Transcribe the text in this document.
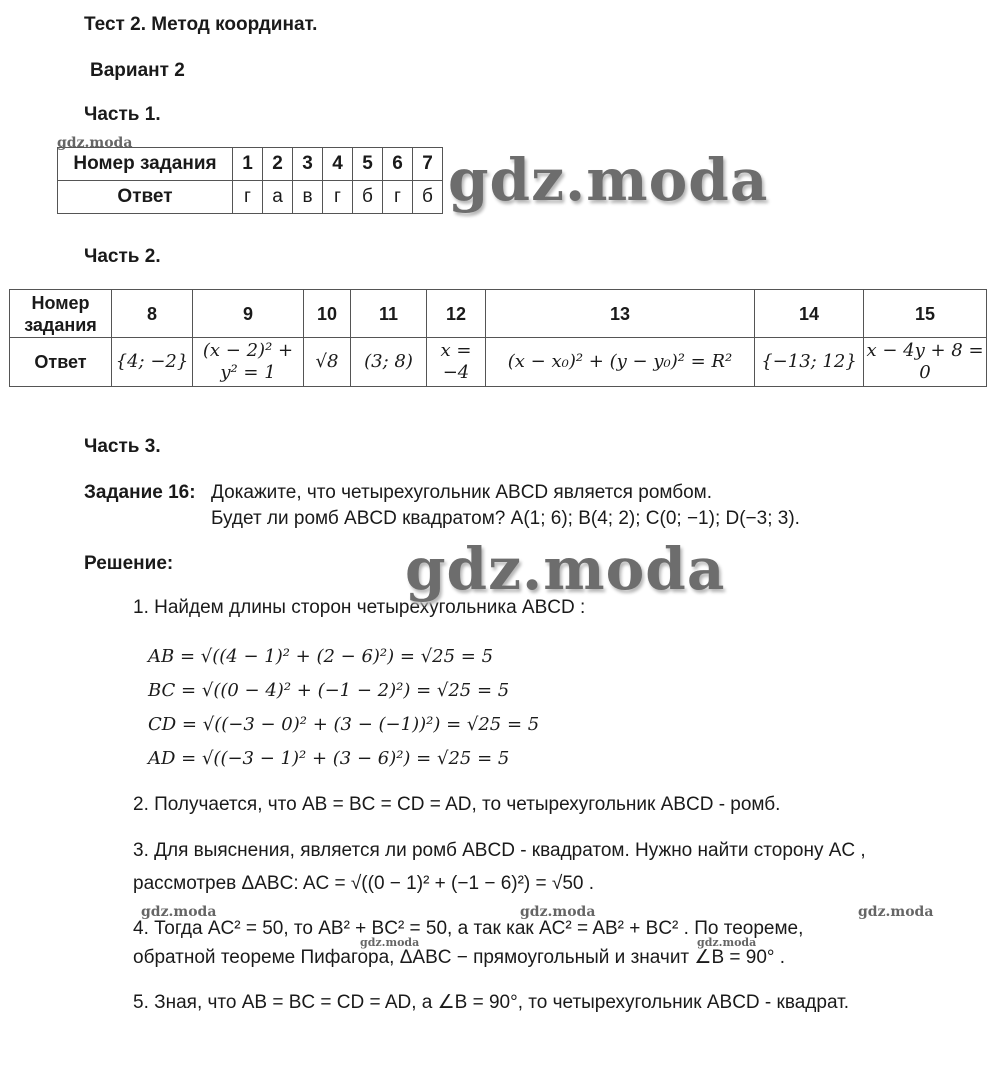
Тест 2. Метод координат.
Вариант 2
Часть 1.
Номер задания	1	2	3	4	5	6	7
Ответ	г	а	в	г	б	г	б
Часть 2.
Номер задания	8	9	10	11	12	13	14	15
Ответ	{4; −2}	(x − 2)² + y² = 1	√8	(3; 8)	x = −4	(x − x₀)² + (y − y₀)² = R²	{−13; 12}	x − 4y + 8 = 0
Часть 3.
Задание 16: Докажите, что четырехугольник ABCD является ромбом.
Будет ли ромб ABCD квадратом? A(1; 6); B(4; 2); C(0; −1); D(−3; 3).
Решение:
1. Найдем длины сторон четырехугольника ABCD :
AB = √((4 − 1)² + (2 − 6)²) = √25 = 5
BC = √((0 − 4)² + (−1 − 2)²) = √25 = 5
CD = √((−3 − 0)² + (3 − (−1))²) = √25 = 5
AD = √((−3 − 1)² + (3 − 6)²) = √25 = 5
2. Получается, что AB = BC = CD = AD, то четырехугольник ABCD - ромб.
3. Для выяснения, является ли ромб ABCD - квадратом. Нужно найти сторону AC ,
рассмотрев ΔABC: AC = √((0 − 1)² + (−1 − 6)²) = √50 .
4. Тогда AC² = 50, то AB² + BC² = 50, а так как AC² = AB² + BC² . По теореме,
обратной теореме Пифагора, ΔABC − прямоугольный и значит ∠B = 90° .
5. Зная, что AB = BC = CD = AD, а ∠B = 90°, то четырехугольник ABCD - квадрат.
gdz.moda
gdz.moda
gdz.moda
gdz.moda	gdz.moda	gdz.moda
gdz.moda	gdz.moda
